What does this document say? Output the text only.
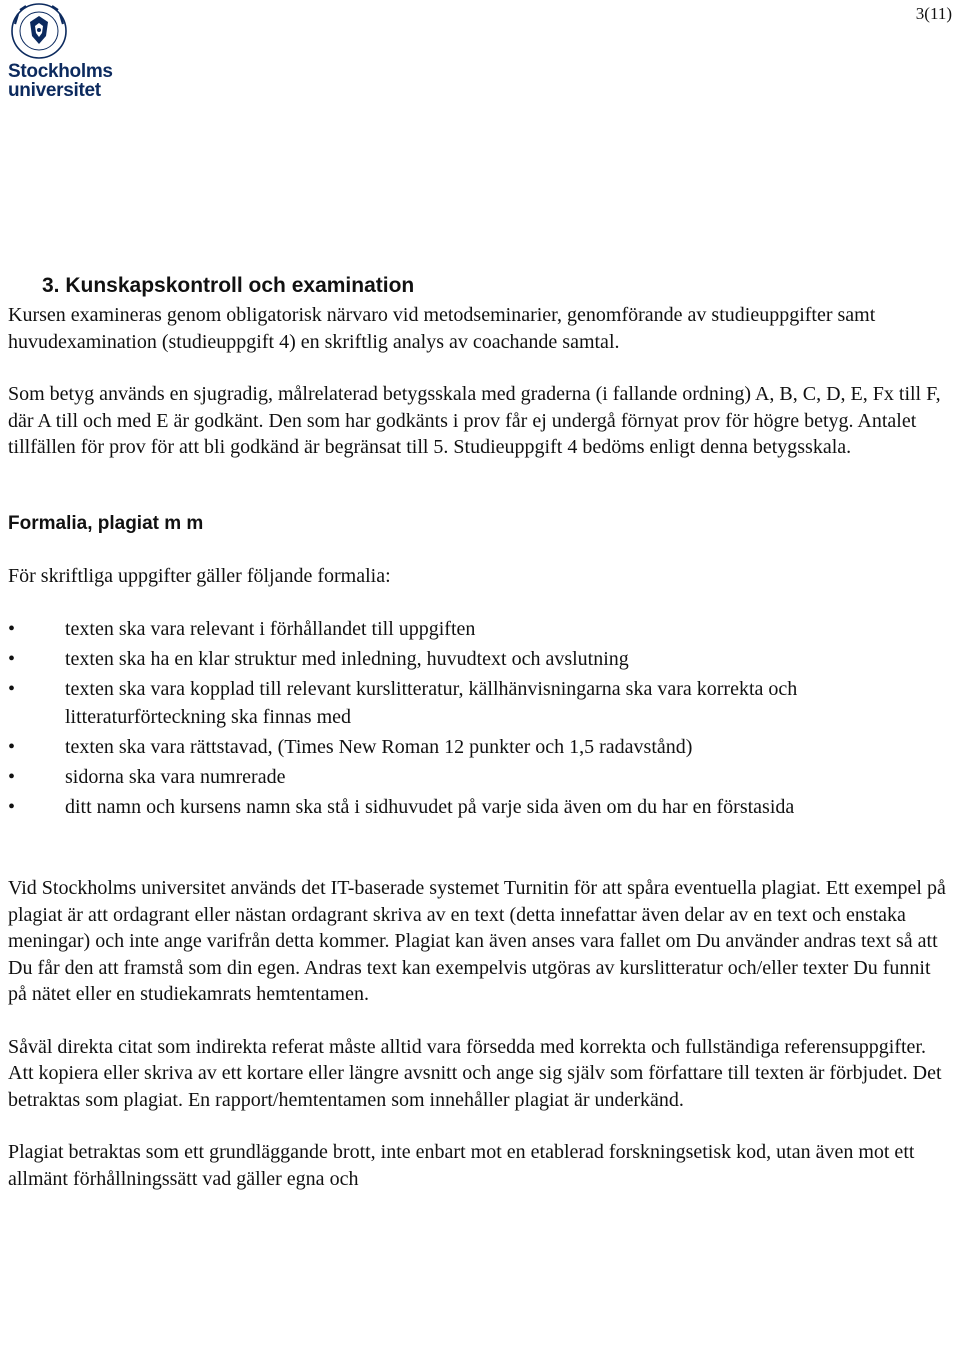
3(11)
Stockholms
universitet
3. Kunskapskontroll och examination

Kursen examineras genom obligatorisk närvaro vid metodseminarier, genomförande av studieuppgifter samt huvudexamination (studieuppgift 4) en skriftlig analys av coachande samtal.

Som betyg används en sjugradig, målrelaterad betygsskala med graderna (i fallande ordning) A, B, C, D, E, Fx till F, där A till och med E är godkänt. Den som har godkänts i prov får ej undergå förnyat prov för högre betyg. Antalet tillfällen för prov för att bli godkänd är begränsat till 5. Studieuppgift 4 bedöms enligt denna betygsskala.

Formalia, plagiat m m

För skriftliga uppgifter gäller följande formalia:

• texten ska vara relevant i förhållandet till uppgiften
• texten ska ha en klar struktur med inledning, huvudtext och avslutning
• texten ska vara kopplad till relevant kurslitteratur, källhänvisningarna ska vara korrekta och litteraturförteckning ska finnas med
• texten ska vara rättstavad, (Times New Roman 12 punkter och 1,5 radavstånd)
• sidorna ska vara numrerade
• ditt namn och kursens namn ska stå i sidhuvudet på varje sida även om du har en förstasida

Vid Stockholms universitet används det IT-baserade systemet Turnitin för att spåra eventuella plagiat. Ett exempel på plagiat är att ordagrant eller nästan ordagrant skriva av en text (detta innefattar även delar av en text och enstaka meningar) och inte ange varifrån detta kommer. Plagiat kan även anses vara fallet om Du använder andras text så att Du får den att framstå som din egen. Andras text kan exempelvis utgöras av kurslitteratur och/eller texter Du funnit på nätet eller en studiekamrats hemtentamen.

Såväl direkta citat som indirekta referat måste alltid vara försedda med korrekta och fullständiga referensuppgifter. Att kopiera eller skriva av ett kortare eller längre avsnitt och ange sig själv som författare till texten är förbjudet. Det betraktas som plagiat. En rapport/hemtentamen som innehåller plagiat är underkänd.

Plagiat betraktas som ett grundläggande brott, inte enbart mot en etablerad forskningsetisk kod, utan även mot ett allmänt förhållningssätt vad gäller egna och
